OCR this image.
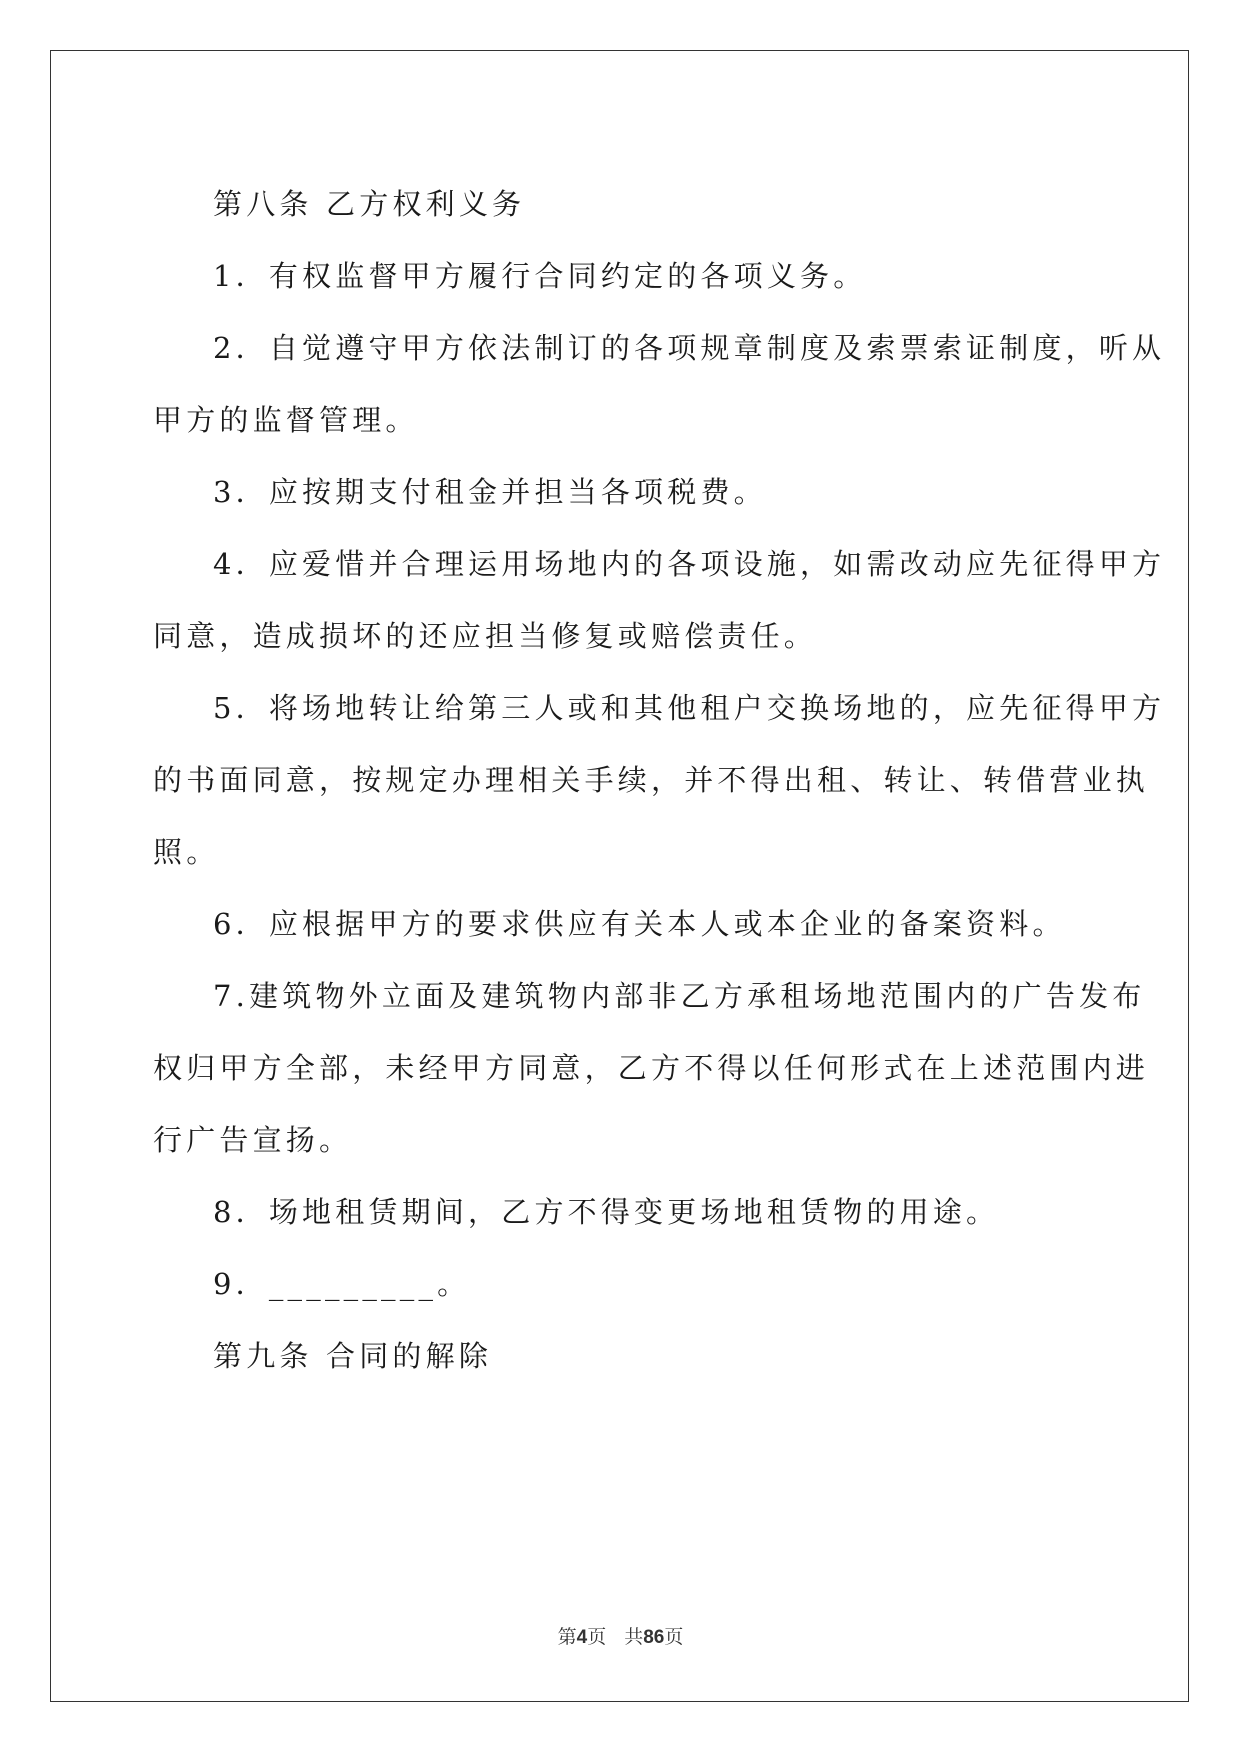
第八条 乙方权利义务
1．有权监督甲方履行合同约定的各项义务。
2．自觉遵守甲方依法制订的各项规章制度及索票索证制度，听从
甲方的监督管理。
3．应按期支付租金并担当各项税费。
4．应爱惜并合理运用场地内的各项设施，如需改动应先征得甲方
同意，造成损坏的还应担当修复或赔偿责任。
5．将场地转让给第三人或和其他租户交换场地的，应先征得甲方
的书面同意，按规定办理相关手续，并不得出租、转让、转借营业执
照。
6．应根据甲方的要求供应有关本人或本企业的备案资料。
7.建筑物外立面及建筑物内部非乙方承租场地范围内的广告发布
权归甲方全部，未经甲方同意，乙方不得以任何形式在上述范围内进
行广告宣扬。
8．场地租赁期间，乙方不得变更场地租赁物的用途。
9．_________。
第九条 合同的解除
第4页 共86页
